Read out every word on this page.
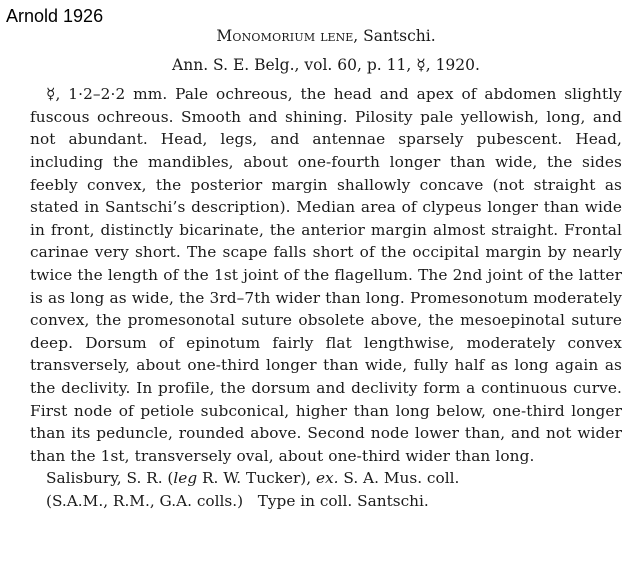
Arnold 1926
Monomorium lene, Santschi.
Ann. S. E. Belg., vol. 60, p. 11, ☿, 1920.
☿, 1·2–2·2 mm. Pale ochreous, the head and apex of abdomen slightly fuscous ochreous. Smooth and shining. Pilosity pale yellowish, long, and not abundant. Head, legs, and antennae sparsely pubescent. Head, including the mandibles, about one-fourth longer than wide, the sides feebly convex, the posterior margin shallowly concave (not straight as stated in Santschi’s description). Median area of clypeus longer than wide in front, distinctly bicarinate, the anterior margin almost straight. Frontal carinae very short. The scape falls short of the occipital margin by nearly twice the length of the 1st joint of the flagellum. The 2nd joint of the latter is as long as wide, the 3rd–7th wider than long. Promesonotum moderately convex, the promesonotal suture obsolete above, the mesoepinotal suture deep. Dorsum of epinotum fairly flat lengthwise, moderately convex transversely, about one-third longer than wide, fully half as long again as the declivity. In profile, the dorsum and declivity form a continuous curve. First node of petiole subconical, higher than long below, one-third longer than its peduncle, rounded above. Second node lower than, and not wider than the 1st, transversely oval, about one-third wider than long.
Salisbury, S. R. (leg R. W. Tucker), ex. S. A. Mus. coll.
(S.A.M., R.M., G.A. colls.)   Type in coll. Santschi.
